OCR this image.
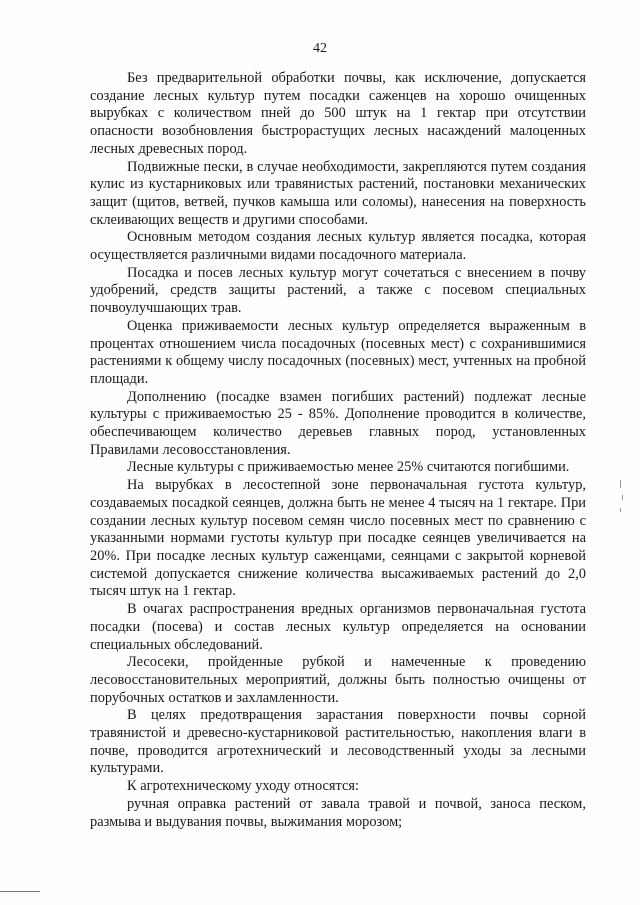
42

Без предварительной обработки почвы, как исключение, допускается создание лесных культур путем посадки саженцев на хорошо очищенных вырубках с количеством пней до 500 штук на 1 гектар при отсутствии опасности возобновления быстрорастущих лесных насаждений малоценных лесных древесных пород.

Подвижные пески, в случае необходимости, закрепляются путем создания кулис из кустарниковых или травянистых растений, постановки механических защит (щитов, ветвей, пучков камыша или соломы), нанесения на поверхность склеивающих веществ и другими способами.

Основным методом создания лесных культур является посадка, которая осуществляется различными видами посадочного материала.

Посадка и посев лесных культур могут сочетаться с внесением в почву удобрений, средств защиты растений, а также с посевом специальных почвоулучшающих трав.

Оценка приживаемости лесных культур определяется выраженным в процентах отношением числа посадочных (посевных мест) с сохранившимися растениями к общему числу посадочных (посевных) мест, учтенных на пробной площади.

Дополнению (посадке взамен погибших растений) подлежат лесные культуры с приживаемостью 25 - 85%. Дополнение проводится в количестве, обеспечивающем количество деревьев главных пород, установленных Правилами лесовосстановления.

Лесные культуры с приживаемостью менее 25% считаются погибшими.

На вырубках в лесостепной зоне первоначальная густота культур, создаваемых посадкой сеянцев, должна быть не менее 4 тысяч на 1 гектаре. При создании лесных культур посевом семян число посевных мест по сравнению с указанными нормами густоты культур при посадке сеянцев увеличивается на 20%. При посадке лесных культур саженцами, сеянцами с закрытой корневой системой допускается снижение количества высаживаемых растений до 2,0 тысяч штук на 1 гектар.

В очагах распространения вредных организмов первоначальная густота посадки (посева) и состав лесных культур определяется на основании специальных обследований.

Лесосеки, пройденные рубкой и намеченные к проведению лесовосстановительных мероприятий, должны быть полностью очищены от порубочных остатков и захламленности.

В целях предотвращения зарастания поверхности почвы сорной травянистой и древесно-кустарниковой растительностью, накопления влаги в почве, проводится агротехнический и лесоводственный уходы за лесными культурами.

К агротехническому уходу относятся:

ручная оправка растений от завала травой и почвой, заноса песком, размыва и выдувания почвы, выжимания морозом;
